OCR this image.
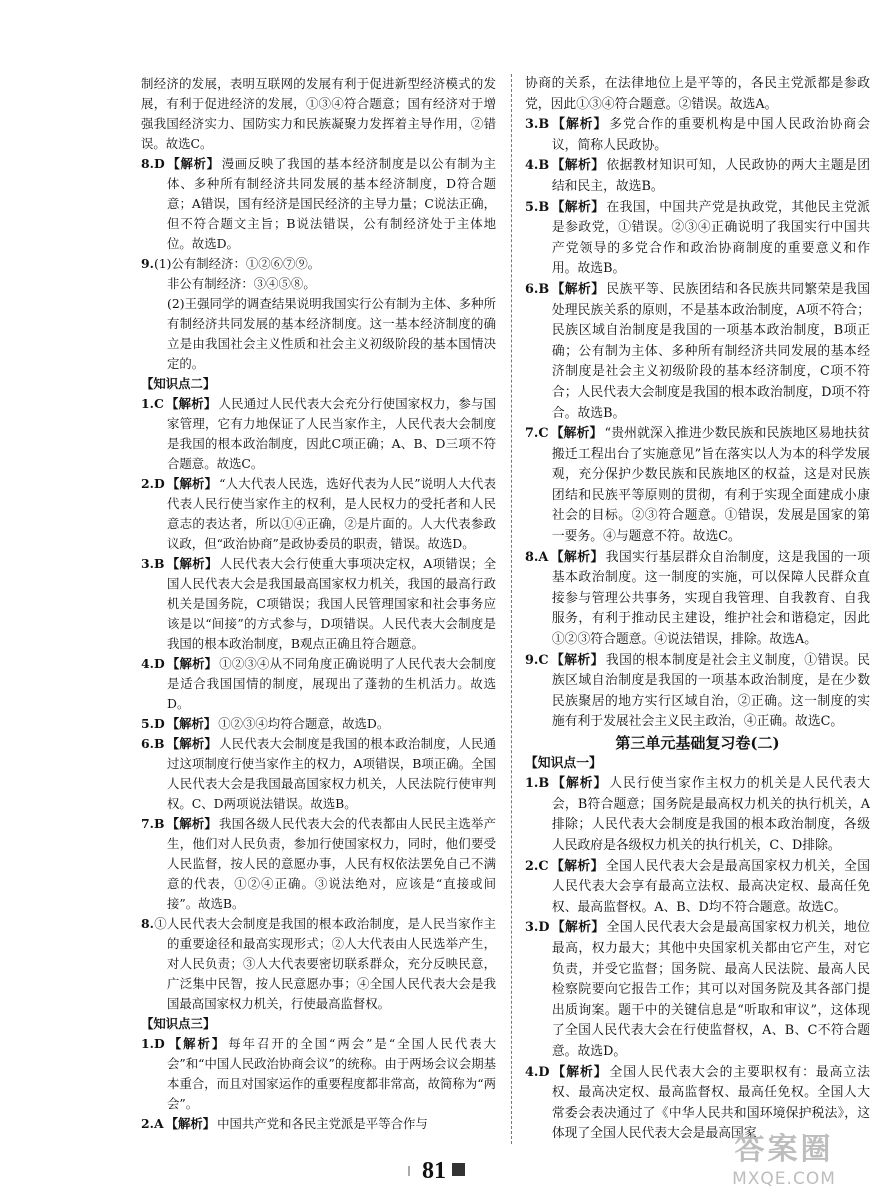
制经济的发展，表明互联网的发展有利于促进新型经济模式的发展，有利于促进经济的发展，①③④符合题意；国有经济对于增强我国经济实力、国防实力和民族凝聚力发挥着主导作用，②错误。故选C。

8.D 【解析】 漫画反映了我国的基本经济制度是以公有制为主体、多种所有制经济共同发展的基本经济制度，D符合题意；A错误，国有经济是国民经济的主导力量；C说法正确，但不符合题文主旨；B说法错误，公有制经济处于主体地位。故选D。

9.(1)公有制经济：①②⑥⑦⑨。

非公有制经济：③④⑤⑧。

(2)王强同学的调查结果说明我国实行公有制为主体、多种所有制经济共同发展的基本经济制度。这一基本经济制度的确立是由我国社会主义性质和社会主义初级阶段的基本国情决定的。

【知识点二】

1.C 【解析】 人民通过人民代表大会充分行使国家权力，参与国家管理，它有力地保证了人民当家作主，人民代表大会制度是我国的根本政治制度，因此C项正确；A、B、D三项不符合题意。故选C。

2.D 【解析】 “人大代表人民选，选好代表为人民”说明人大代表代表人民行使当家作主的权利，是人民权力的受托者和人民意志的表达者，所以①④正确，②是片面的。人大代表参政议政，但“政治协商”是政协委员的职责，错误。故选D。

3.B 【解析】 人民代表大会行使重大事项决定权，A项错误；全国人民代表大会是我国最高国家权力机关，我国的最高行政机关是国务院，C项错误；我国人民管理国家和社会事务应该是以“间接”的方式参与，D项错误。人民代表大会制度是我国的根本政治制度，B观点正确且符合题意。

4.D 【解析】 ①②③④从不同角度正确说明了人民代表大会制度是适合我国国情的制度，展现出了蓬勃的生机活力。故选D。

5.D 【解析】 ①②③④均符合题意，故选D。

6.B 【解析】 人民代表大会制度是我国的根本政治制度，人民通过这项制度行使当家作主的权力，A项错误，B项正确。全国人民代表大会是我国最高国家权力机关，人民法院行使审判权。C、D两项说法错误。故选B。

7.B 【解析】 我国各级人民代表大会的代表都由人民民主选举产生，他们对人民负责，参加行使国家权力，同时，他们要受人民监督，按人民的意愿办事，人民有权依法罢免自己不满意的代表，①②④正确。③说法绝对，应该是“直接或间接”。故选B。

8.①人民代表大会制度是我国的根本政治制度，是人民当家作主的重要途径和最高实现形式；②人大代表由人民选举产生，对人民负责；③人大代表要密切联系群众，充分反映民意，广泛集中民智，按人民意愿办事；④全国人民代表大会是我国最高国家权力机关，行使最高监督权。

【知识点三】

1.D 【解析】 每年召开的全国“两会”是“全国人民代表大会”和“中国人民政治协商会议”的统称。由于两场会议会期基本重合，而且对国家运作的重要程度都非常高，故简称为“两会”。

2.A 【解析】 中国共产党和各民主党派是平等合作与

协商的关系，在法律地位上是平等的，各民主党派都是参政党，因此①③④符合题意。②错误。故选A。

3.B 【解析】 多党合作的重要机构是中国人民政治协商会议，简称人民政协。

4.B 【解析】 依据教材知识可知，人民政协的两大主题是团结和民主，故选B。

5.B 【解析】 在我国，中国共产党是执政党，其他民主党派是参政党，①错误。②③④正确说明了我国实行中国共产党领导的多党合作和政治协商制度的重要意义和作用。故选B。

6.B 【解析】 民族平等、民族团结和各民族共同繁荣是我国处理民族关系的原则，不是基本政治制度，A项不符合；民族区域自治制度是我国的一项基本政治制度，B项正确；公有制为主体、多种所有制经济共同发展的基本经济制度是社会主义初级阶段的基本经济制度，C项不符合；人民代表大会制度是我国的根本政治制度，D项不符合。故选B。

7.C 【解析】 “贵州就深入推进少数民族和民族地区易地扶贫搬迁工程出台了实施意见”旨在落实以人为本的科学发展观，充分保护少数民族和民族地区的权益，这是对民族团结和民族平等原则的贯彻，有利于实现全面建成小康社会的目标。②③符合题意。①错误，发展是国家的第一要务。④与题意不符。故选C。

8.A 【解析】 我国实行基层群众自治制度，这是我国的一项基本政治制度。这一制度的实施，可以保障人民群众直接参与管理公共事务，实现自我管理、自我教育、自我服务，有利于推动民主建设，维护社会和谐稳定，因此①②③符合题意。④说法错误，排除。故选A。

9.C 【解析】 我国的根本制度是社会主义制度，①错误。民族区域自治制度是我国的一项基本政治制度，是在少数民族聚居的地方实行区域自治，②正确。这一制度的实施有利于发展社会主义民主政治，④正确。故选C。

第三单元基础复习卷(二)

【知识点一】

1.B 【解析】 人民行使当家作主权力的机关是人民代表大会，B符合题意；国务院是最高权力机关的执行机关，A排除；人民代表大会制度是我国的根本政治制度，各级人民政府是各级权力机关的执行机关，C、D排除。

2.C 【解析】 全国人民代表大会是最高国家权力机关，全国人民代表大会享有最高立法权、最高决定权、最高任免权、最高监督权。A、B、D均不符合题意。故选C。

3.D 【解析】 全国人民代表大会是最高国家权力机关，地位最高，权力最大；其他中央国家机关都由它产生，对它负责，并受它监督；国务院、最高人民法院、最高人民检察院要向它报告工作；其可以对国务院及其各部门提出质询案。题干中的关键信息是“听取和审议”，这体现了全国人民代表大会在行使监督权，A、B、C不符合题意。故选D。

4.D 【解析】 全国人民代表大会的主要职权有：最高立法权、最高决定权、最高监督权、最高任免权。全国人大常委会表决通过了《中华人民共和国环境保护税法》，这体现了全国人民代表大会是最高国家

81
答案圈
MXQE.COM
